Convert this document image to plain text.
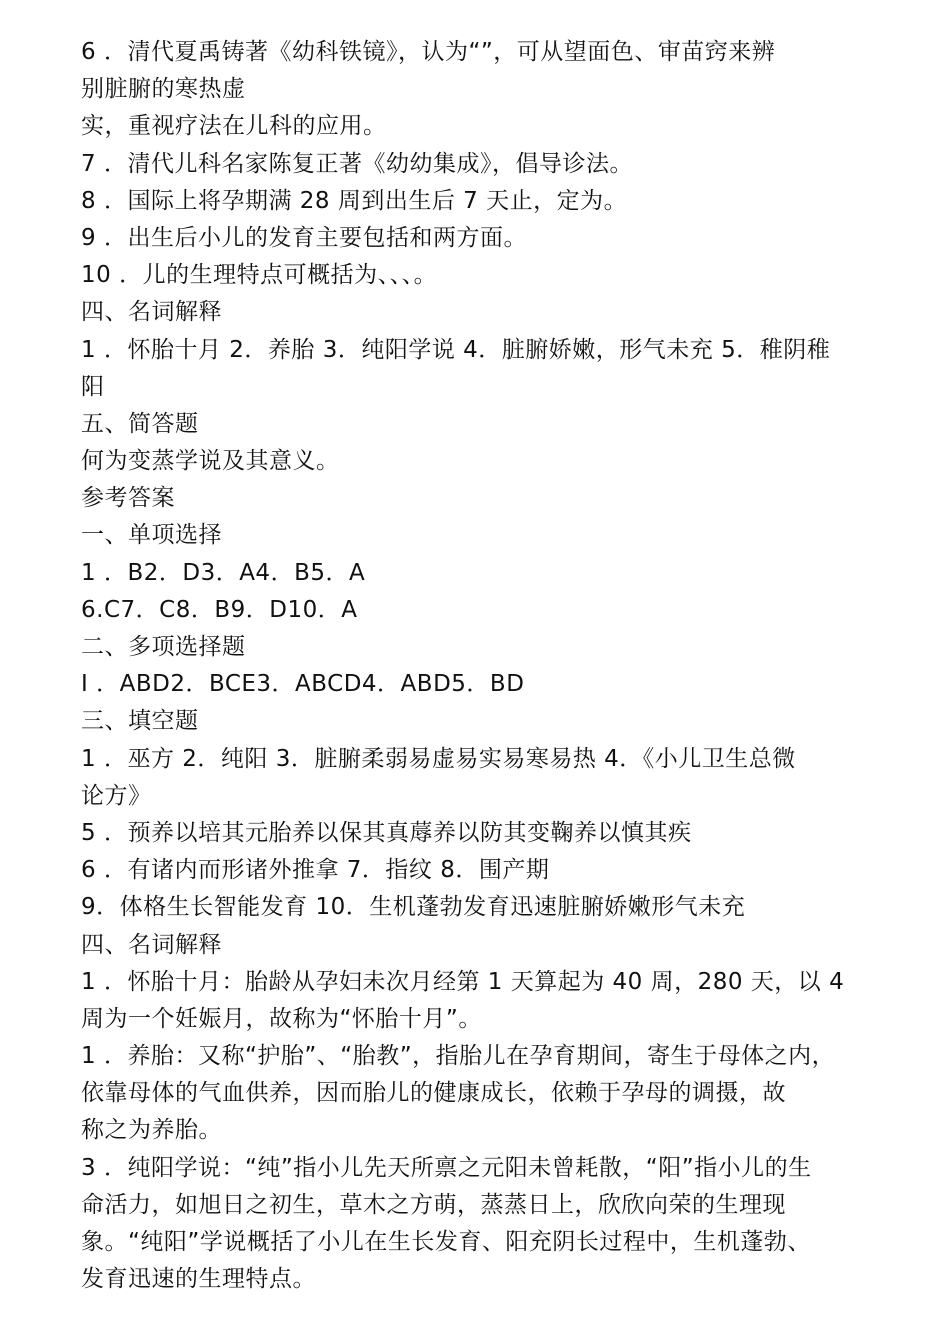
6 ．清代夏禹铸著《幼科铁镜》，认为“”，可从望面色、审苗窍来辨
别脏腑的寒热虚
实，重视疗法在儿科的应用。
7 ．清代儿科名家陈复正著《幼幼集成》，倡导诊法。
8 ．国际上将孕期满 28 周到出生后 7 天止，定为。
9 ．出生后小儿的发育主要包括和两方面。
10 ．儿的生理特点可概括为、、、。
四、名词解释
1 ．怀胎十月 2．养胎 3．纯阳学说 4．脏腑娇嫩，形气未充 5．稚阴稚
阳
五、简答题
何为变蒸学说及其意义。
参考答案
一、单项选择
1 ．B2．D3．A4．B5．A
6.C7．C8．B9．D10．A
二、多项选择题
I ．ABD2．BCE3．ABCD4．ABD5．BD
三、填空题
1 ．巫方 2．纯阳 3．脏腑柔弱易虚易实易寒易热 4．《小儿卫生总微
论方》
5 ．预养以培其元胎养以保其真蓐养以防其变鞠养以慎其疾
6 ．有诸内而形诸外推拿 7．指纹 8．围产期
9．体格生长智能发育 10．生机蓬勃发育迅速脏腑娇嫩形气未充
四、名词解释
1 ．怀胎十月：胎龄从孕妇未次月经第 1 天算起为 40 周，280 天，以 4
周为一个妊娠月，故称为“怀胎十月”。
1 ．养胎：又称“护胎”、“胎教”，指胎儿在孕育期间，寄生于母体之内，
依靠母体的气血供养，因而胎儿的健康成长，依赖于孕母的调摄，故
称之为养胎。
3 ．纯阳学说：“纯”指小儿先天所禀之元阳未曾耗散，“阳”指小儿的生
命活力，如旭日之初生，草木之方萌，蒸蒸日上，欣欣向荣的生理现
象。“纯阳”学说概括了小儿在生长发育、阳充阴长过程中，生机蓬勃、
发育迅速的生理特点。
